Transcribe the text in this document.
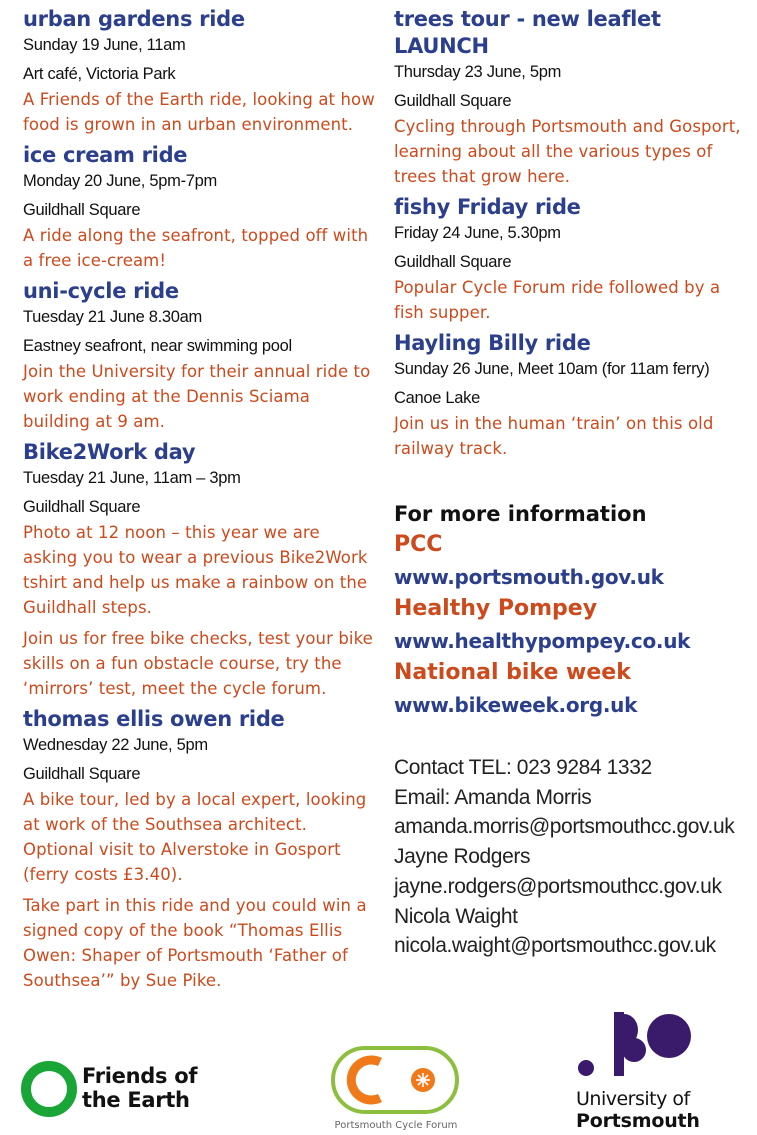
urban gardens ride
Sunday 19 June, 11am
Art café, Victoria Park
A Friends of the Earth ride, looking at how food is grown in an urban environment.
ice cream ride
Monday 20 June, 5pm-7pm
Guildhall Square
A ride along the seafront, topped off with a free ice-cream!
uni-cycle ride
Tuesday 21 June 8.30am
Eastney seafront, near swimming pool
Join the University for their annual ride to work ending at the Dennis Sciama building at 9 am.
Bike2Work day
Tuesday 21 June, 11am – 3pm
Guildhall Square
Photo at 12 noon – this year we are asking you to wear a previous Bike2Work tshirt and help us make a rainbow on the Guildhall steps.
Join us for free bike checks, test your bike skills on a fun obstacle course, try the ‘mirrors’ test, meet the cycle forum.
thomas ellis owen ride
Wednesday 22 June, 5pm
Guildhall Square
A bike tour, led by a local expert, looking at work of the Southsea architect. Optional visit to Alverstoke in Gosport (ferry costs £3.40).
Take part in this ride and you could win a signed copy of the book “Thomas Ellis Owen: Shaper of Portsmouth ‘Father of Southsea’” by Sue Pike.
trees tour - new leaflet LAUNCH
Thursday 23 June, 5pm
Guildhall Square
Cycling through Portsmouth and Gosport, learning about all the various types of trees that grow here.
fishy Friday ride
Friday 24 June, 5.30pm
Guildhall Square
Popular Cycle Forum ride followed by a fish supper.
Hayling Billy ride
Sunday 26 June, Meet 10am (for 11am ferry)
Canoe Lake
Join us in the human ‘train’ on this old railway track.
For more information
PCC
www.portsmouth.gov.uk
Healthy Pompey
www.healthypompey.co.uk
National bike week
www.bikeweek.org.uk
Contact TEL: 023 9284 1332
Email: Amanda Morris
amanda.morris@portsmouthcc.gov.uk
Jayne Rodgers
jayne.rodgers@portsmouthcc.gov.uk
Nicola Waight
nicola.waight@portsmouthcc.gov.uk
Friends of
the Earth
Portsmouth Cycle Forum
University of
Portsmouth
